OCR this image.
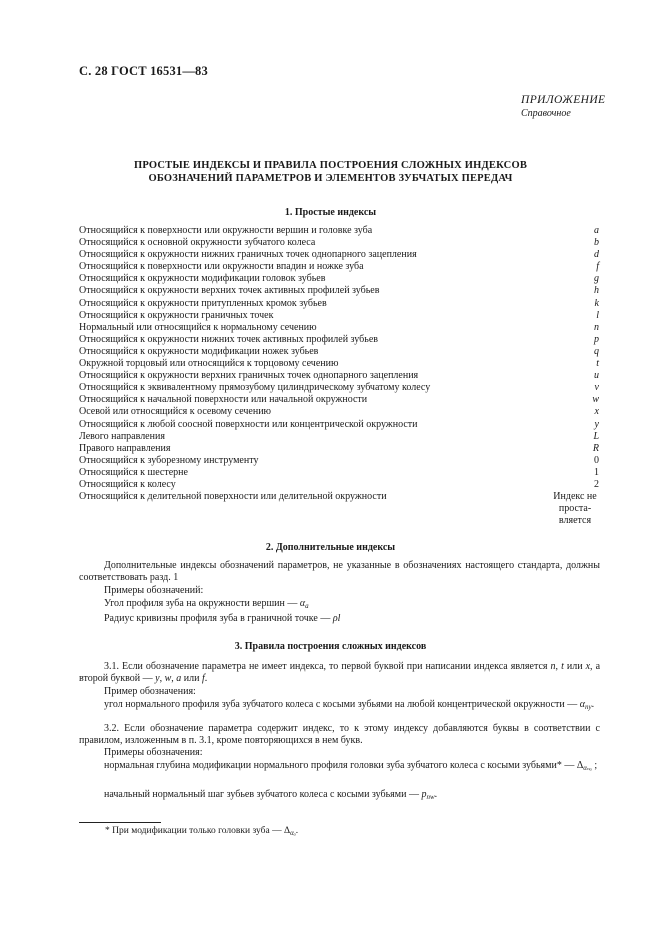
С. 28 ГОСТ 16531—83
ПРИЛОЖЕНИЕ
Справочное
ПРОСТЫЕ ИНДЕКСЫ И ПРАВИЛА ПОСТРОЕНИЯ СЛОЖНЫХ ИНДЕКСОВ
ОБОЗНАЧЕНИЙ ПАРАМЕТРОВ И ЭЛЕМЕНТОВ ЗУБЧАТЫХ ПЕРЕДАЧ
1. Простые индексы
Относящийся к поверхности или окружности вершин и головке зуба	a
Относящийся к основной окружности зубчатого колеса	b
Относящийся к окружности нижних граничных точек однопарного зацепления	d
Относящийся к поверхности или окружности впадин и ножке зуба	f
Относящийся к окружности модификации головок зубьев	g
Относящийся к окружности верхних точек активных профилей зубьев	h
Относящийся к окружности притупленных кромок зубьев	k
Относящийся к окружности граничных точек	l
Нормальный или относящийся к нормальному сечению	n
Относящийся к окружности нижних точек активных профилей зубьев	p
Относящийся к окружности модификации ножек зубьев	q
Окружной торцовый или относящийся к торцовому сечению	t
Относящийся к окружности верхних граничных точек однопарного зацепления	u
Относящийся к эквивалентному прямозубому цилиндрическому зубчатому колесу	v
Относящийся к начальной поверхности или начальной окружности	w
Осевой или относящийся к осевому сечению	x
Относящийся к любой соосной поверхности или концентрической окружности	y
Левого направления	L
Правого направления	R
Относящийся к зуборезному инструменту	0
Относящийся к шестерне	1
Относящийся к колесу	2
Относящийся к делительной поверхности или делительной окружности	Индекс не
проста-
вляется
2. Дополнительные индексы

Дополнительные индексы обозначений параметров, не указанные в обозначениях настоящего стандарта, должны соответствовать разд. 1

Примеры обозначений:

Угол профиля зуба на окружности вершин — $\alpha_a$

Радиус кривизны профиля зуба в граничной точке — ρl

3. Правила построения сложных индексов

3.1. Если обозначение параметра не имеет индекса, то первой буквой при написании индекса является n, t или x, а второй буквой — y, w, a или f.

Пример обозначения:

угол нормального профиля зуба зубчатого колеса с косыми зубьями на любой концентрической окружности — $\alpha_{ny}$.

3.2. Если обозначение параметра содержит индекс, то к этому индексу добавляются буквы в соответствии с правилом, изложенным в п. 3.1, кроме повторяющихся в нем букв.

Примеры обозначения:

нормальная глубина модификации нормального профиля головки зуба зубчатого колеса с косыми зубьями* — $\Delta_{\alpha_{na}}$ ;

начальный нормальный шаг зубьев зубчатого колеса с косыми зубьями — $p_{nw}$.

* При модификации только головки зуба — $\Delta_{\alpha_a}$.
